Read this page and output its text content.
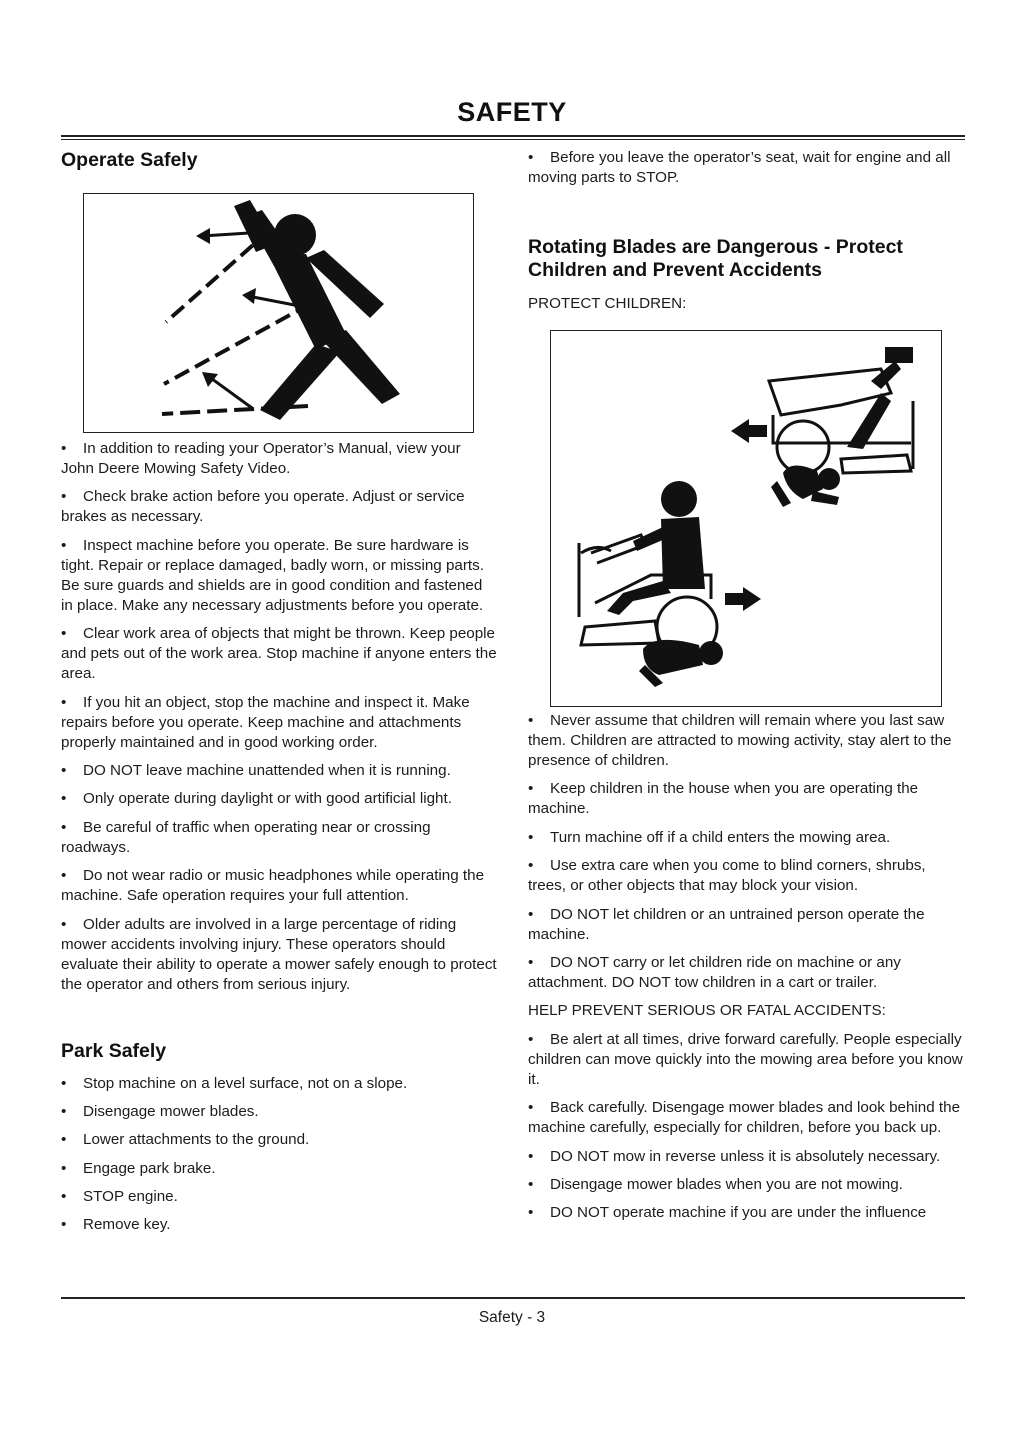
SAFETY
Operate Safely

• In addition to reading your Operator’s Manual, view your John Deere Mowing Safety Video.

• Check brake action before you operate. Adjust or service brakes as necessary.

• Inspect machine before you operate. Be sure hardware is tight. Repair or replace damaged, badly worn, or missing parts. Be sure guards and shields are in good condition and fastened in place. Make any necessary adjustments before you operate.

• Clear work area of objects that might be thrown. Keep people and pets out of the work area. Stop machine if anyone enters the area.

• If you hit an object, stop the machine and inspect it. Make repairs before you operate. Keep machine and attachments properly maintained and in good working order.

• DO NOT leave machine unattended when it is running.

• Only operate during daylight or with good artificial light.

• Be careful of traffic when operating near or crossing roadways.

• Do not wear radio or music headphones while operating the machine. Safe operation requires your full attention.

• Older adults are involved in a large percentage of riding mower accidents involving injury. These operators should evaluate their ability to operate a mower safely enough to protect the operator and others from serious injury.

Park Safely

• Stop machine on a level surface, not on a slope.

• Disengage mower blades.

• Lower attachments to the ground.

• Engage park brake.

• STOP engine.

• Remove key.

• Before you leave the operator’s seat, wait for engine and all moving parts to STOP.

Rotating Blades are Dangerous - Protect Children and Prevent Accidents

PROTECT CHILDREN:

• Never assume that children will remain where you last saw them. Children are attracted to mowing activity, stay alert to the presence of children.

• Keep children in the house when you are operating the machine.

• Turn machine off if a child enters the mowing area.

• Use extra care when you come to blind corners, shrubs, trees, or other objects that may block your vision.

• DO NOT let children or an untrained person operate the machine.

• DO NOT carry or let children ride on machine or any attachment. DO NOT tow children in a cart or trailer.

HELP PREVENT SERIOUS OR FATAL ACCIDENTS:

• Be alert at all times, drive forward carefully. People especially children can move quickly into the mowing area before you know it.

• Back carefully. Disengage mower blades and look behind the machine carefully, especially for children, before you back up.

• DO NOT mow in reverse unless it is absolutely necessary.

• Disengage mower blades when you are not mowing.

• DO NOT operate machine if you are under the influence

Safety - 3
